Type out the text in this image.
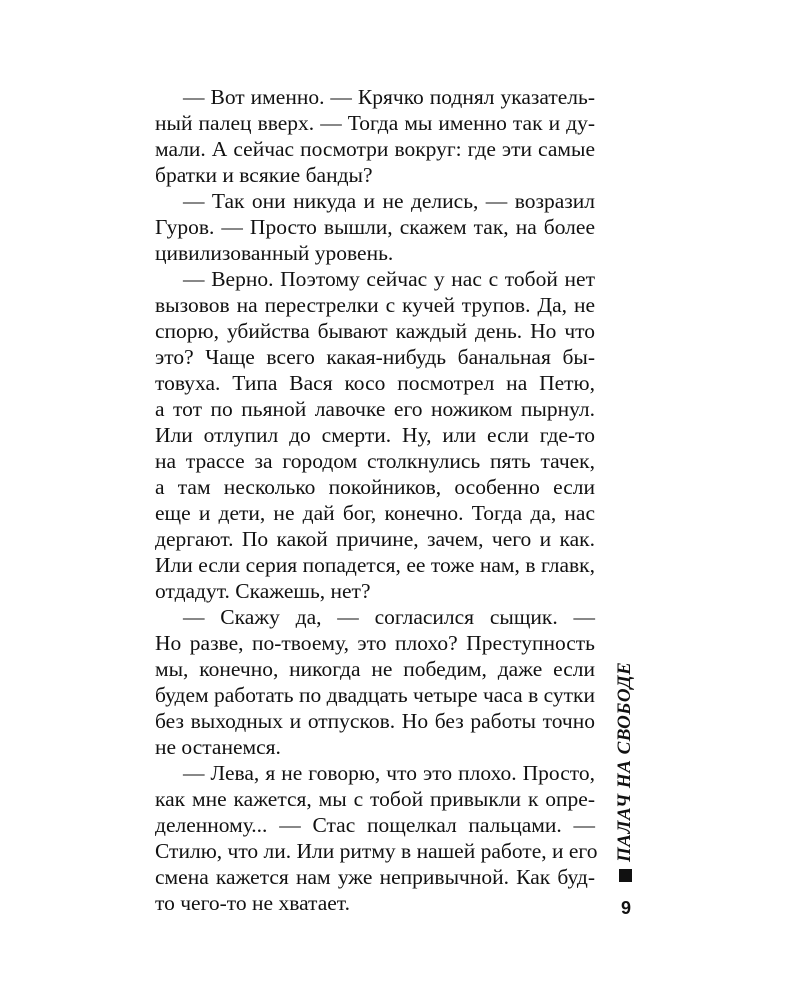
— Вот именно. — Крячко поднял указатель-
ный палец вверх. — Тогда мы именно так и ду-
мали. А сейчас посмотри вокруг: где эти самые
братки и всякие банды?
— Так они никуда и не делись, — возразил
Гуров. — Просто вышли, скажем так, на более
цивилизованный уровень.
— Верно. Поэтому сейчас у нас с тобой нет
вызовов на перестрелки с кучей трупов. Да, не
спорю, убийства бывают каждый день. Но что
это? Чаще всего какая-нибудь банальная бы-
товуха. Типа Вася косо посмотрел на Петю,
а тот по пьяной лавочке его ножиком пырнул.
Или отлупил до смерти. Ну, или если где-то
на трассе за городом столкнулись пять тачек,
а там несколько покойников, особенно если
еще и дети, не дай бог, конечно. Тогда да, нас
дергают. По какой причине, зачем, чего и как.
Или если серия попадется, ее тоже нам, в главк,
отдадут. Скажешь, нет?
— Скажу да, — согласился сыщик. —
Но разве, по-твоему, это плохо? Преступность
мы, конечно, никогда не победим, даже если
будем работать по двадцать четыре часа в сутки
без выходных и отпусков. Но без работы точно
не останемся.
— Лева, я не говорю, что это плохо. Просто,
как мне кажется, мы с тобой привыкли к опре-
деленному... — Стас пощелкал пальцами. —
Стилю, что ли. Или ритму в нашей работе, и его
смена кажется нам уже непривычной. Как буд-
то чего-то не хватает.
ПАЛАЧ НА СВОБОДЕ
9
